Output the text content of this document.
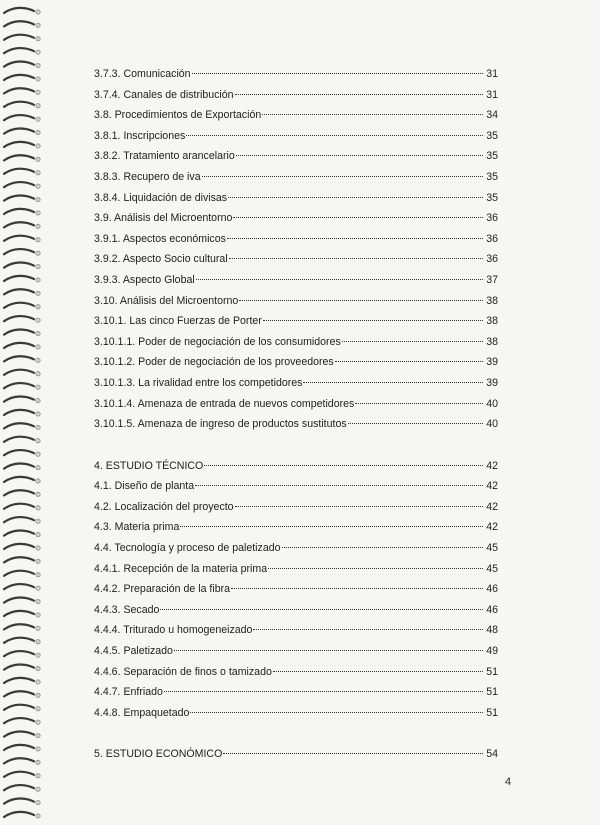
3.7.3. Comunicación	31
3.7.4. Canales de distribución	31
3.8. Procedimientos de Exportación	34
3.8.1. Inscripciones	35
3.8.2. Tratamiento arancelario	35
3.8.3. Recupero de iva	35
3.8.4. Liquidación de divisas	35
3.9. Análisis del Microentorno	36
3.9.1. Aspectos económicos	36
3.9.2. Aspecto Socio cultural	36
3.9.3. Aspecto Global	37
3.10. Análisis del Microentorno	38
3.10.1. Las cinco Fuerzas de Porter	38
3.10.1.1. Poder de negociación de los consumidores	38
3.10.1.2. Poder de negociación de los proveedores	39
3.10.1.3. La rivalidad entre los competidores	39
3.10.1.4. Amenaza de entrada de nuevos competidores	40
3.10.1.5. Amenaza de ingreso de productos sustitutos	40
4. ESTUDIO TÉCNICO	42
4.1. Diseño de planta	42
4.2. Localización del proyecto	42
4.3. Materia prima	42
4.4. Tecnología y proceso de paletizado	45
4.4.1. Recepción de la materia prima	45
4.4.2. Preparación de la fibra	46
4.4.3. Secado	46
4.4.4. Triturado u homogeneizado	48
4.4.5. Paletizado	49
4.4.6. Separación de finos o tamizado	51
4.4.7. Enfriado	51
4.4.8. Empaquetado	51
5. ESTUDIO ECONÓMICO	54
4
